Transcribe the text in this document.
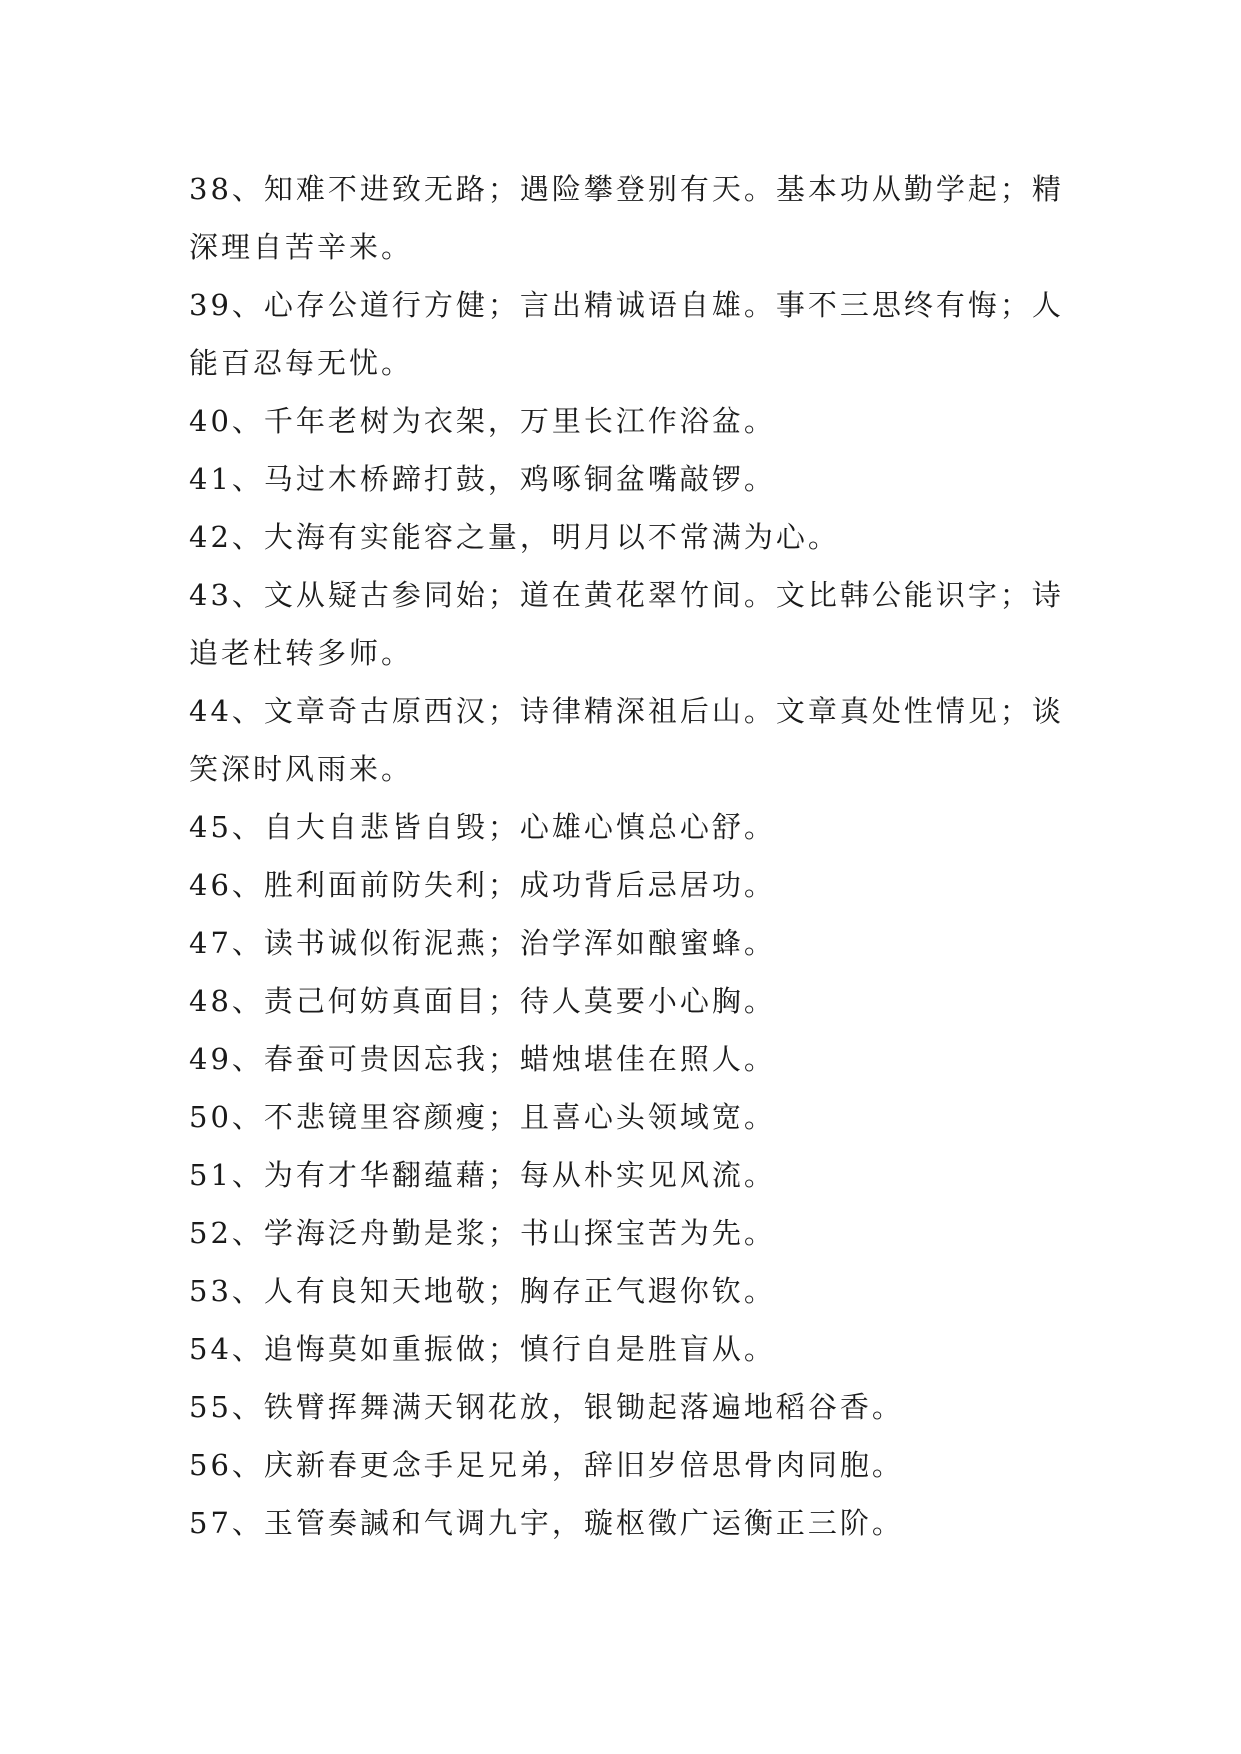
38、知难不进致无路；遇险攀登别有天。基本功从勤学起；精深理自苦辛来。

39、心存公道行方健；言出精诚语自雄。事不三思终有悔；人能百忍每无忧。

40、千年老树为衣架，万里长江作浴盆。

41、马过木桥蹄打鼓，鸡啄铜盆嘴敲锣。

42、大海有实能容之量，明月以不常满为心。

43、文从疑古参同始；道在黄花翠竹间。文比韩公能识字；诗追老杜转多师。

44、文章奇古原西汉；诗律精深祖后山。文章真处性情见；谈笑深时风雨来。

45、自大自悲皆自毁；心雄心慎总心舒。

46、胜利面前防失利；成功背后忌居功。

47、读书诚似衔泥燕；治学浑如酿蜜蜂。

48、责己何妨真面目；待人莫要小心胸。

49、春蚕可贵因忘我；蜡烛堪佳在照人。

50、不悲镜里容颜瘦；且喜心头领域宽。

51、为有才华翻蕴藉；每从朴实见风流。

52、学海泛舟勤是浆；书山探宝苦为先。

53、人有良知天地敬；胸存正气遐你钦。

54、追悔莫如重振做；慎行自是胜盲从。

55、铁臂挥舞满天钢花放，银锄起落遍地稻谷香。

56、庆新春更念手足兄弟，辞旧岁倍思骨肉同胞。

57、玉管奏諴和气调九宇，璇枢徵广运衡正三阶。
